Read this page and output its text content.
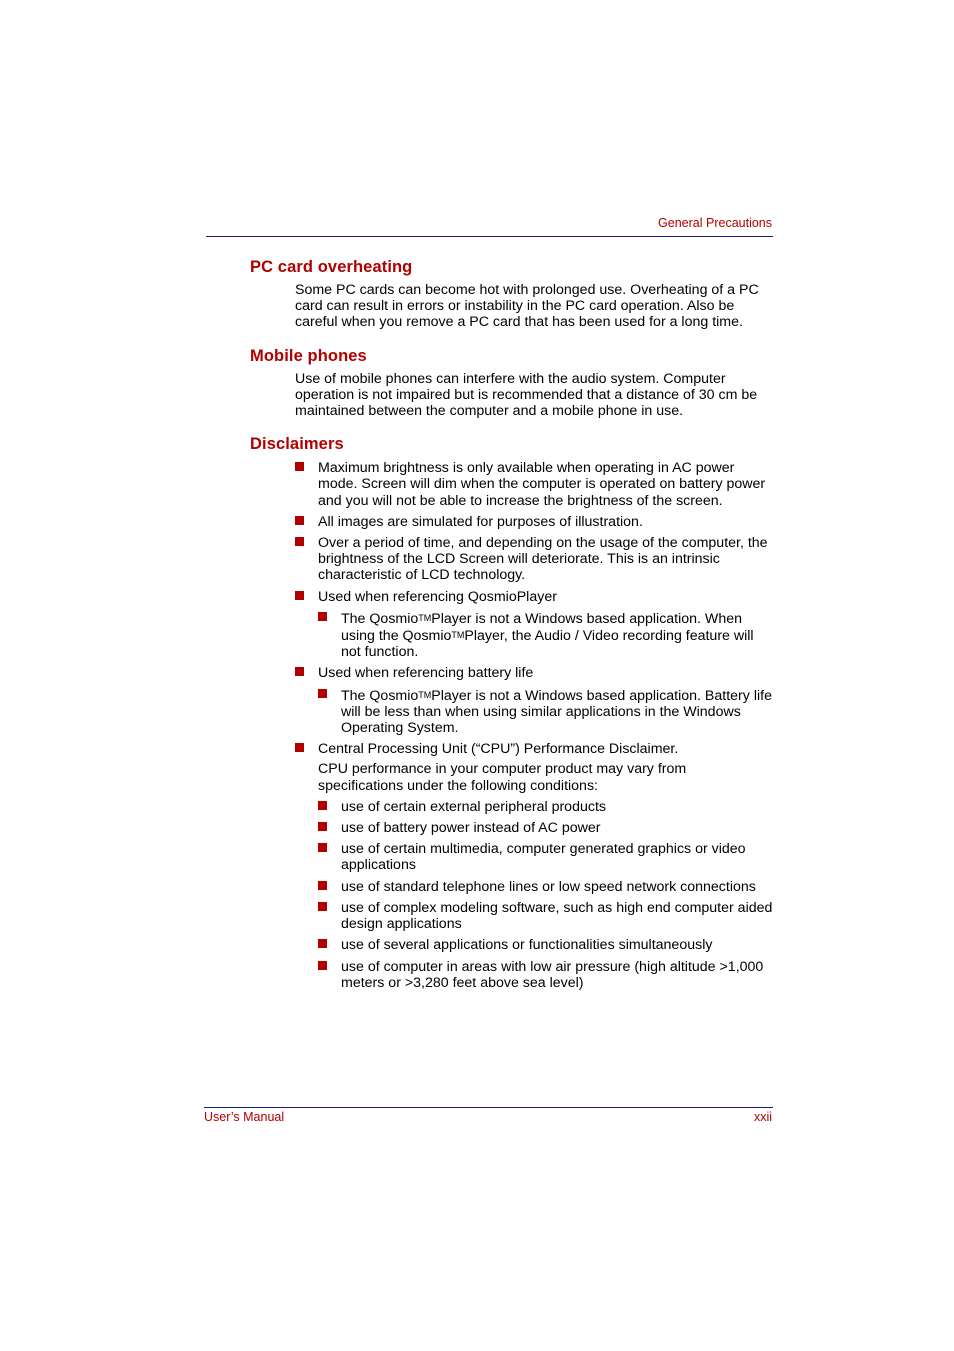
General Precautions
PC card overheating

Some PC cards can become hot with prolonged use. Overheating of a PC card can result in errors or instability in the PC card operation. Also be careful when you remove a PC card that has been used for a long time.

Mobile phones

Use of mobile phones can interfere with the audio system. Computer operation is not impaired but is recommended that a distance of 30 cm be maintained between the computer and a mobile phone in use.

Disclaimers
Maximum brightness is only available when operating in AC power mode. Screen will dim when the computer is operated on battery power and you will not be able to increase the brightness of the screen.
All images are simulated for purposes of illustration.
Over a period of time, and depending on the usage of the computer, the brightness of the LCD Screen will deteriorate. This is an intrinsic characteristic of LCD technology.
Used when referencing QosmioPlayer
The QosmioTMPlayer is not a Windows based application. When using the QosmioTMPlayer, the Audio / Video recording feature will not function.
Used when referencing battery life
The QosmioTMPlayer is not a Windows based application. Battery life will be less than when using similar applications in the Windows Operating System.
Central Processing Unit (“CPU”) Performance Disclaimer.
CPU performance in your computer product may vary from specifications under the following conditions:
use of certain external peripheral products
use of battery power instead of AC power
use of certain multimedia, computer generated graphics or video applications
use of standard telephone lines or low speed network connections
use of complex modeling software, such as high end computer aided design applications
use of several applications or functionalities simultaneously
use of computer in areas with low air pressure (high altitude >1,000 meters or >3,280 feet above sea level)
User’s Manual	xxii
